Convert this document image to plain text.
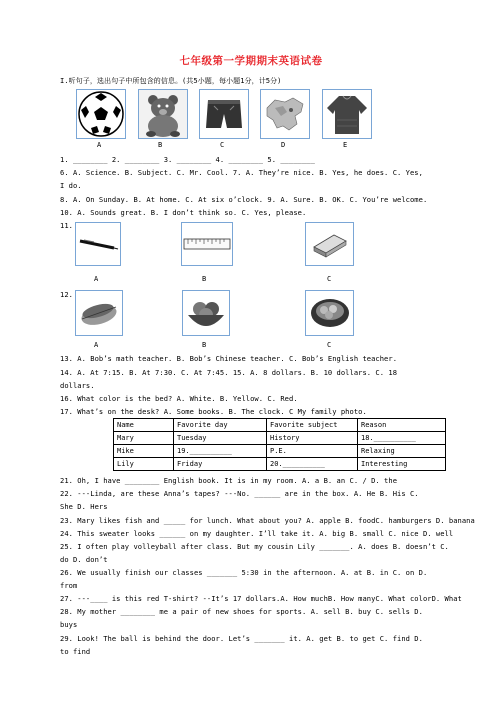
七年级第一学期期末英语试卷
I.听句子，选出句子中所包含的信息。(共5小题，每小题1分，计5分)
A	B	C	D	E
1. ________ 2. ________ 3. ________ 4. ________ 5. ________
6. A. Science. B. Subject. C. Mr. Cool. 7. A. They’re nice. B. Yes, he does. C. Yes,
I do.
8. A. On Sunday. B. At home. C. At six o’clock. 9. A. Sure. B. OK. C. You’re welcome.
10. A. Sounds great. B. I don’t think so. C. Yes, please.
11.
A	B	C
12.
A	B	C
13. A. Bob’s math teacher. B. Bob’s Chinese teacher. C. Bob’s English teacher.
14. A. At 7:15. B. At 7:30. C. At 7:45. 15. A. 8 dollars. B. 10 dollars. C. 18
dollars.
16. What color is the bed? A. White. B. Yellow. C. Red.
17. What’s on the desk? A. Some books. B. The clock. C My family photo.
Name	Favorite day	Favorite subject	Reason
Mary	Tuesday	History	18.__________
Mike	19.__________	P.E.	Relaxing
Lily	Friday	20.__________	Interesting
21. Oh, I have ________ English book. It is in my room. A. a B. an C. / D. the
22. ---Linda, are these Anna’s tapes? ---No. ______ are in the box. A. He B. His C.
She D. Hers
23. Mary likes fish and _____ for lunch. What about you? A. apple B. foodC. hamburgers D. banana
24. This sweater looks ______ on my daughter. I’ll take it. A. big B. small C. nice D. well
25. I often play volleyball after class. But my cousin Lily _______. A. does B. doesn’t C.
do D. don’t
26. We usually finish our classes _______ 5:30 in the afternoon. A. at B. in C. on D.
from
27. ---____ is this red T-shirt? --It’s 17 dollars.A. How muchB. How manyC. What colorD. What
28. My mother ________ me a pair of new shoes for sports. A. sell B. buy C. sells D.
buys
29. Look! The ball is behind the door. Let’s _______ it. A. get B. to get C. find D.
to find
